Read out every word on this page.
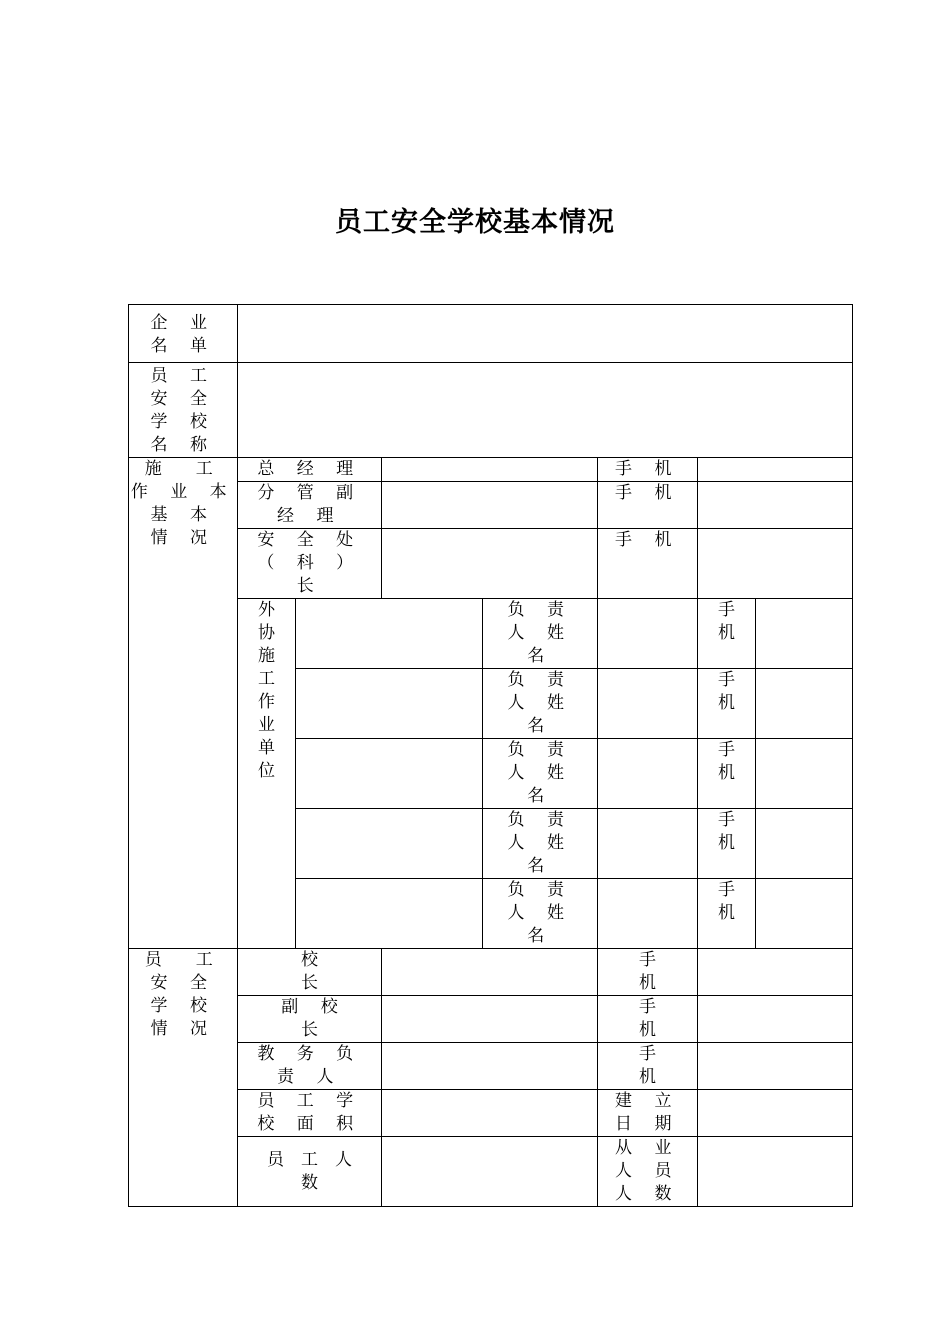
员工安全学校基本情况
企 业
名 单							

员 工
安 全
学 校
名 称							

施　工
作 业 本
基 本
情 况	总 经 理				手 机		

	分 管 副
经 理				手 机		

	安 全 处
（ 科 ）
长				手 机		
	外协施工作业单位			负 责
人 姓
名		手
机	

				负 责
人 姓
名		手
机	

				负 责
人 姓
名		手
机	

				负 责
人 姓
名		手
机	

				负 责
人 姓
名		手
机	

员　工
安 全
学 校
情 况	校
长				手
机		

	副　 校
长				手
机		

	教 务 负
责 人				手
机		

	员 工 学
校 面 积				建 立
日 期		

	员　工　人
数				从 业
人 员
人 数		
